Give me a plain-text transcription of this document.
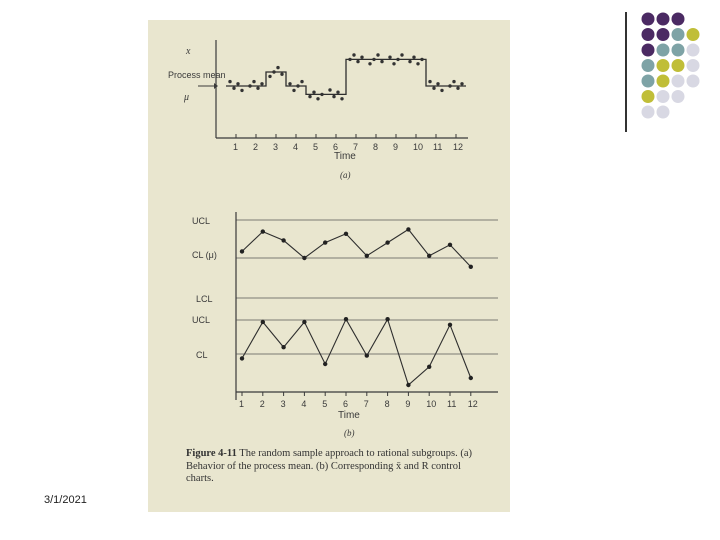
x
Process mean
μ
Time
(a)
1 2 3 4 5 6 7 8 9 10 11 12
UCL
CL (μ)
LCL
UCL
CL
1 2 3 4 5 6 7 8 9 10 11 12
Time
(b)
Figure 4-11 The random sample approach to rational subgroups. (a) Behavior of the process mean. (b) Corresponding x̄ and R control charts.
3/1/2021
